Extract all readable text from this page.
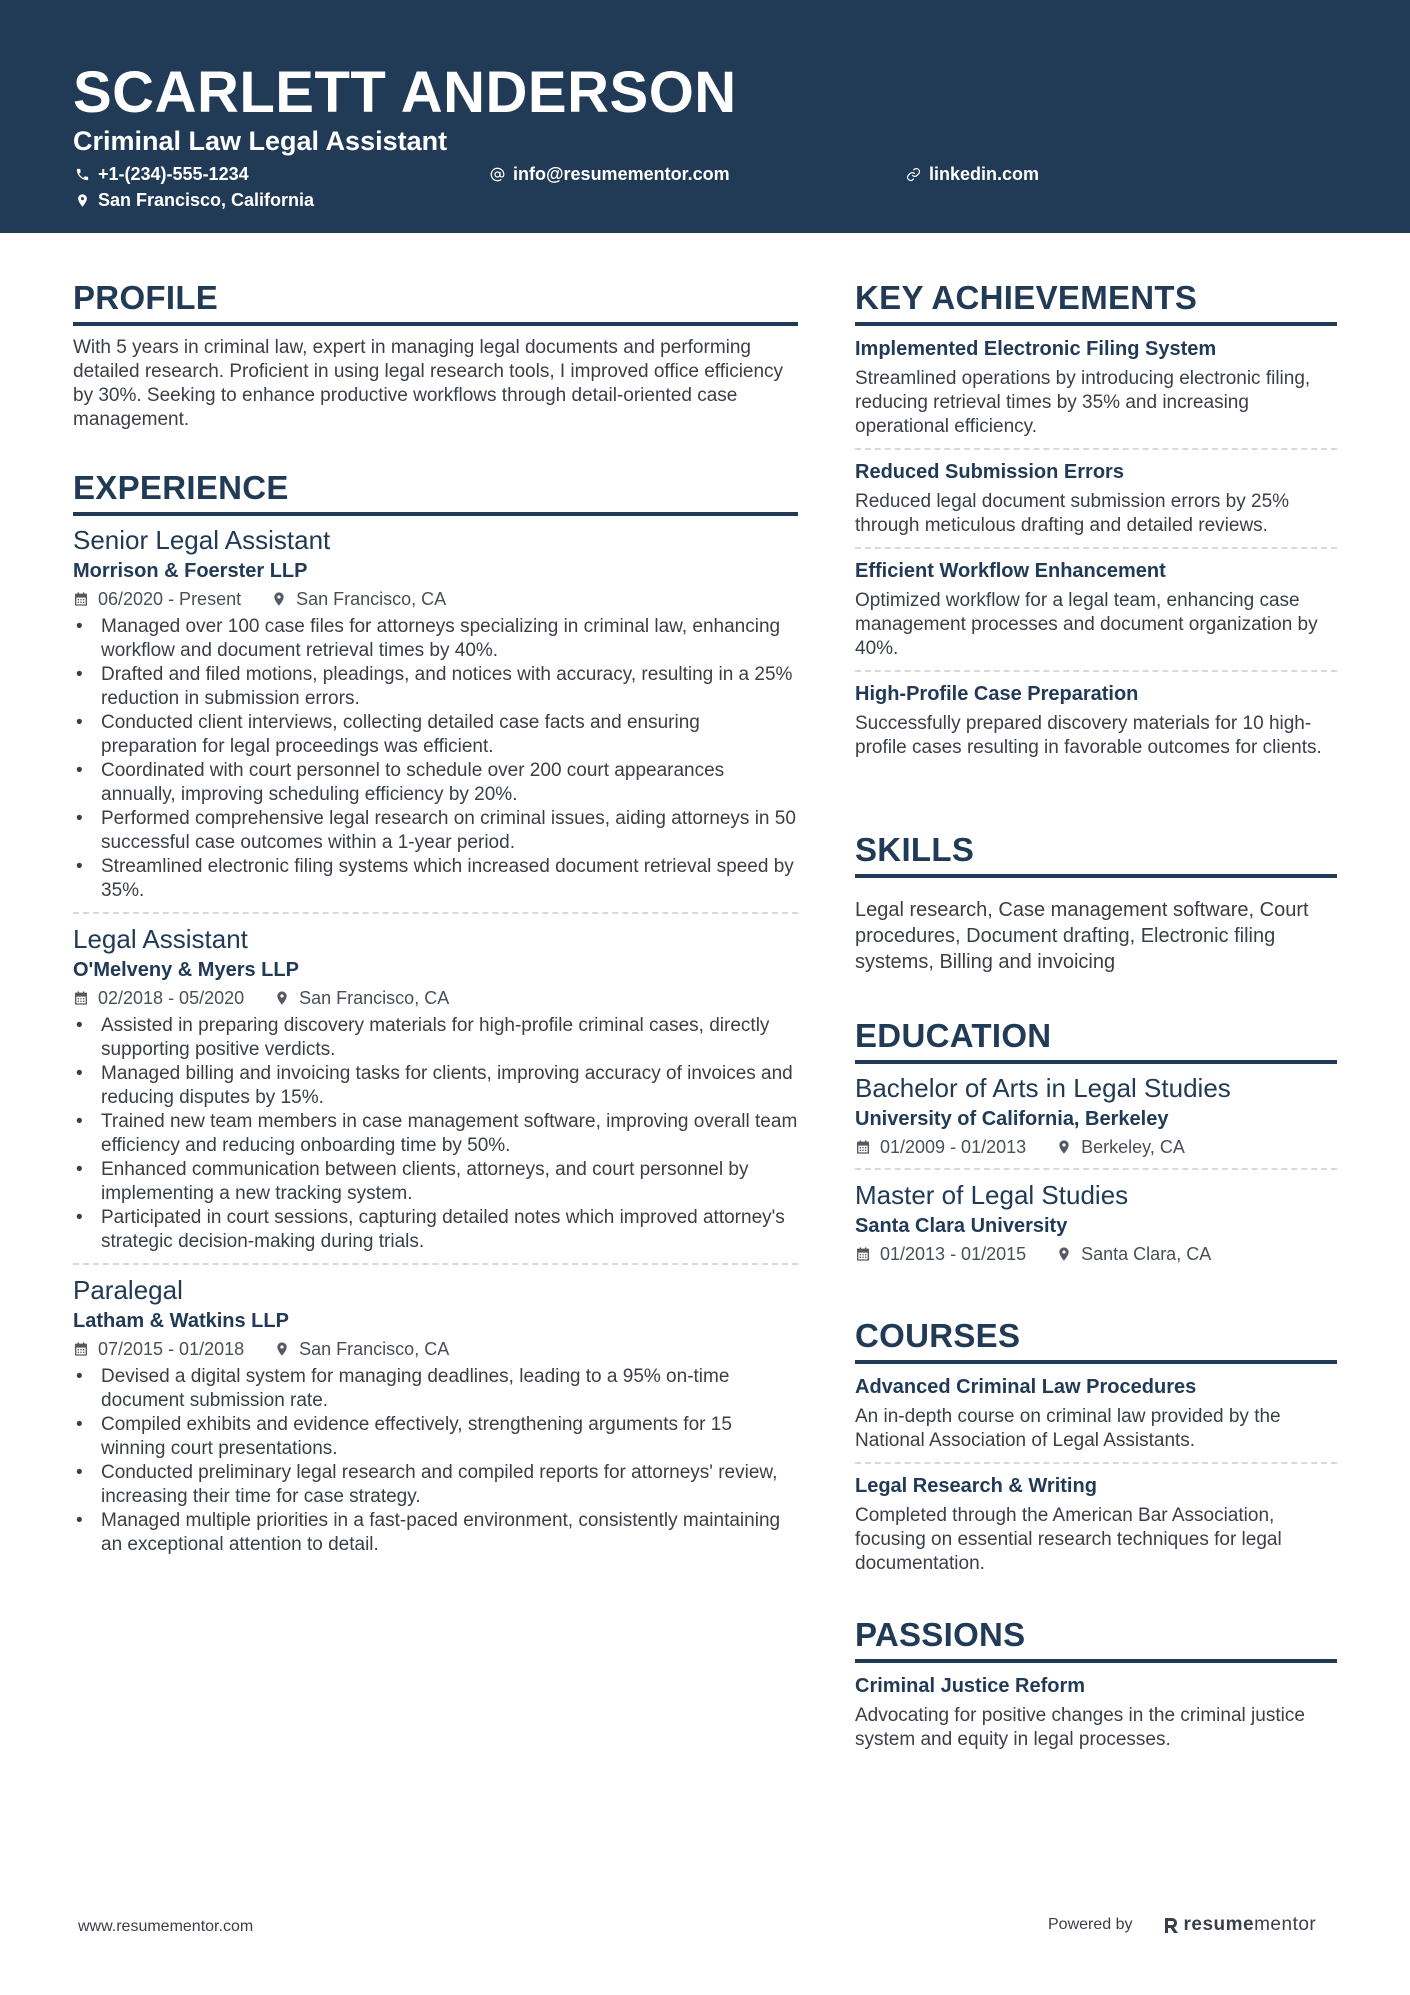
SCARLETT ANDERSON
Criminal Law Legal Assistant
+1-(234)-555-1234	info@resumementor.com	linkedin.com
San Francisco, California
PROFILE
With 5 years in criminal law, expert in managing legal documents and performing detailed research. Proficient in using legal research tools, I improved office efficiency by 30%. Seeking to enhance productive workflows through detail-oriented case management.
EXPERIENCE
Senior Legal Assistant
Morrison & Foerster LLP
06/2020 - Present	San Francisco, CA
• Managed over 100 case files for attorneys specializing in criminal law, enhancing workflow and document retrieval times by 40%.
• Drafted and filed motions, pleadings, and notices with accuracy, resulting in a 25% reduction in submission errors.
• Conducted client interviews, collecting detailed case facts and ensuring preparation for legal proceedings was efficient.
• Coordinated with court personnel to schedule over 200 court appearances annually, improving scheduling efficiency by 20%.
• Performed comprehensive legal research on criminal issues, aiding attorneys in 50 successful case outcomes within a 1-year period.
• Streamlined electronic filing systems which increased document retrieval speed by 35%.
Legal Assistant
O'Melveny & Myers LLP
02/2018 - 05/2020	San Francisco, CA
• Assisted in preparing discovery materials for high-profile criminal cases, directly supporting positive verdicts.
• Managed billing and invoicing tasks for clients, improving accuracy of invoices and reducing disputes by 15%.
• Trained new team members in case management software, improving overall team efficiency and reducing onboarding time by 50%.
• Enhanced communication between clients, attorneys, and court personnel by implementing a new tracking system.
• Participated in court sessions, capturing detailed notes which improved attorney's strategic decision-making during trials.
Paralegal
Latham & Watkins LLP
07/2015 - 01/2018	San Francisco, CA
• Devised a digital system for managing deadlines, leading to a 95% on-time document submission rate.
• Compiled exhibits and evidence effectively, strengthening arguments for 15 winning court presentations.
• Conducted preliminary legal research and compiled reports for attorneys' review, increasing their time for case strategy.
• Managed multiple priorities in a fast-paced environment, consistently maintaining an exceptional attention to detail.
KEY ACHIEVEMENTS
Implemented Electronic Filing System
Streamlined operations by introducing electronic filing, reducing retrieval times by 35% and increasing operational efficiency.
Reduced Submission Errors
Reduced legal document submission errors by 25% through meticulous drafting and detailed reviews.
Efficient Workflow Enhancement
Optimized workflow for a legal team, enhancing case management processes and document organization by 40%.
High-Profile Case Preparation
Successfully prepared discovery materials for 10 high-profile cases resulting in favorable outcomes for clients.
SKILLS
Legal research, Case management software, Court procedures, Document drafting, Electronic filing systems, Billing and invoicing
EDUCATION
Bachelor of Arts in Legal Studies
University of California, Berkeley
01/2009 - 01/2013	Berkeley, CA
Master of Legal Studies
Santa Clara University
01/2013 - 01/2015	Santa Clara, CA
COURSES
Advanced Criminal Law Procedures
An in-depth course on criminal law provided by the National Association of Legal Assistants.
Legal Research & Writing
Completed through the American Bar Association, focusing on essential research techniques for legal documentation.
PASSIONS
Criminal Justice Reform
Advocating for positive changes in the criminal justice system and equity in legal processes.
www.resumementor.com	Powered by	resume mentor
